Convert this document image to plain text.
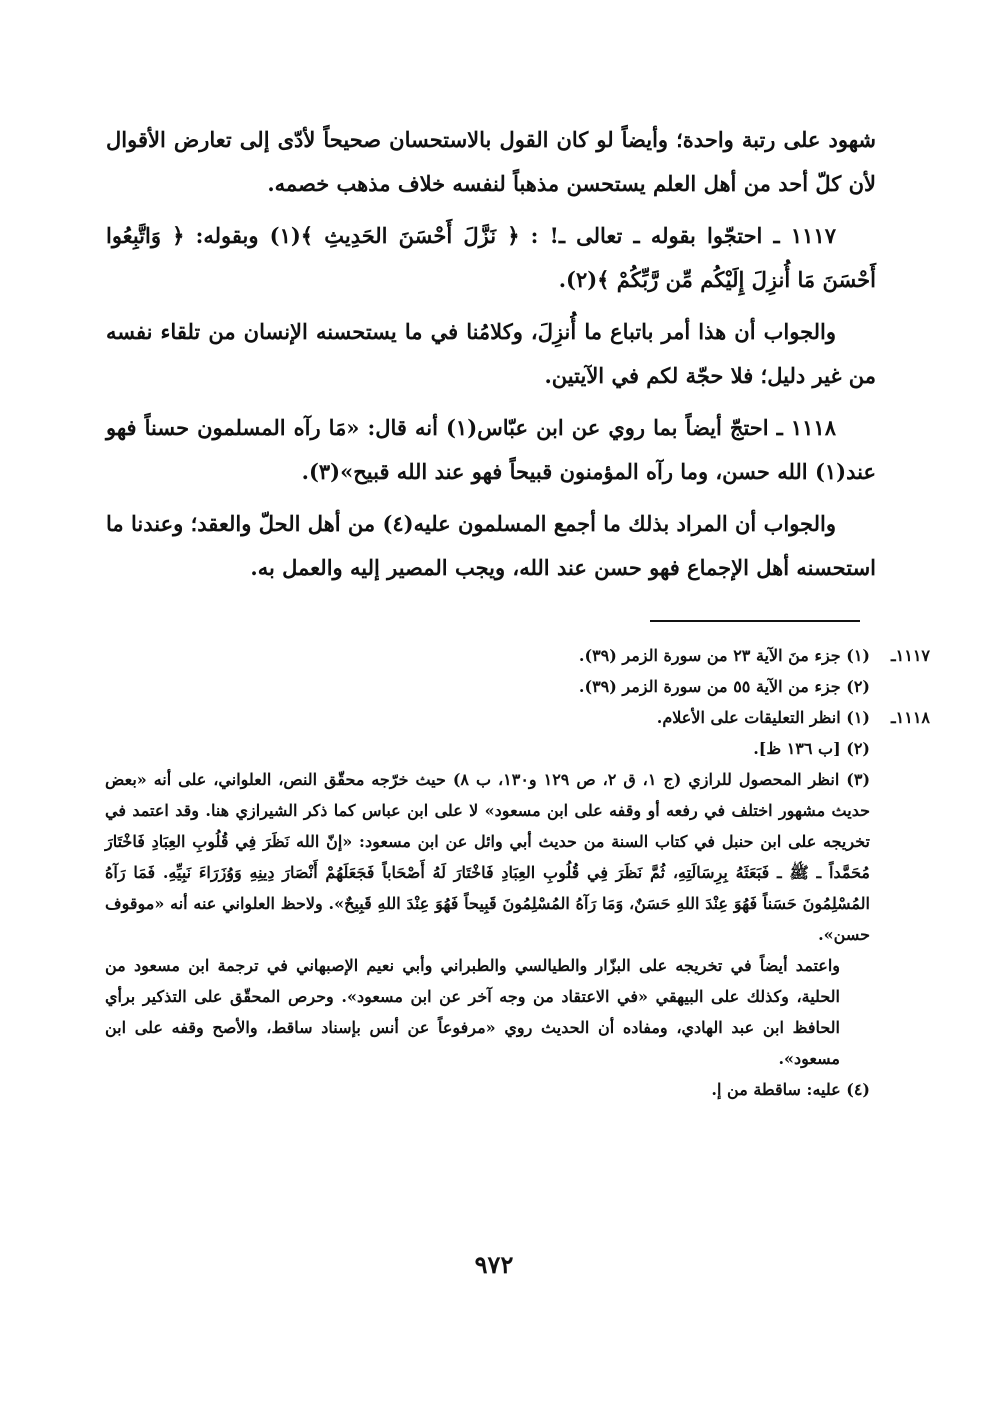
شهود على رتبة واحدة؛ وأيضاً لو كان القول بالاستحسان صحيحاً لأدّى إلى تعارض الأقوال لأن كلّ أحد من أهل العلم يستحسن مذهباً لنفسه خلاف مذهب خصمه.

١١١٧ ـ احتجّوا بقوله ـ تعالى ـ! : ﴿ نَزَّلَ أَحْسَنَ الحَدِيثِ ﴾(١) وبقوله: ﴿ وَاتَّبِعُوا أَحْسَنَ مَا أُنزِلَ إِلَيْكُم مِّن رَّبِّكُمْ ﴾(٢).

والجواب أن هذا أمر باتباع ما أُنزِلَ، وكلامُنا في ما يستحسنه الإنسان من تلقاء نفسه من غير دليل؛ فلا حجّة لكم في الآيتين.

١١١٨ ـ احتجّ أيضاً بما روي عن ابن عبّاس(١) أنه قال: «مَا رآه المسلمون حسناً فهو عند(١) الله حسن، وما رآه المؤمنون قبيحاً فهو عند الله قبيح»(٣).

والجواب أن المراد بذلك ما أجمع المسلمون عليه(٤) من أهل الحلّ والعقد؛ وعندنا ما استحسنه أهل الإجماع فهو حسن عند الله، ويجب المصير إليه والعمل به.

١١١٧ـ
(١) جزء منَ الآية ٢٣ من سورة الزمر (٣٩).
(٢) جزء من الآية ٥٥ من سورة الزمر (٣٩).
١١١٨ـ
(١) انظر التعليقات على الأعلام.
(٢) [ب ١٣٦ ظ].
(٣) انظر المحصول للرازي (ج ١، ق ٢، ص ١٢٩ و١٣٠، ب ٨) حيث خرّجه محقّق النص، العلواني، على أنه «بعض حديث مشهور اختلف في رفعه أو وقفه على ابن مسعود» لا على ابن عباس كما ذكر الشيرازي هنا. وقد اعتمد في تخريجه على ابن حنبل في كتاب السنة من حديث أبي وائل عن ابن مسعود: «إنّ الله نَظَرَ فِي قُلُوبِ العِبَادِ فَاخْتَارَ مُحَمَّداً ـ ﷺ ـ فَبَعَثَهُ بِرِسَالَتِهِ، ثُمَّ نَظَرَ فِي قُلُوبِ العِبَادِ فَاخْتَارَ لَهُ أَصْحَاباً فَجَعَلَهُمْ أَنْصَارَ دِينِهِ وَوُزَرَاءَ نَبِيِّهِ. فَمَا رَآهُ المُسْلِمُونَ حَسَناً فَهُوَ عِنْدَ اللهِ حَسَنٌ، وَمَا رَآهُ المُسْلِمُونَ قَبِيحاً فَهُوَ عِنْدَ اللهِ قَبِيحٌ». ولاحظ العلواني عنه أنه «موقوف حسن».
واعتمد أيضاً في تخريجه على البزّار والطيالسي والطبراني وأبي نعيم الإصبهاني في ترجمة ابن مسعود من الحلية، وكذلك على البيهقي «في الاعتقاد من وجه آخر عن ابن مسعود». وحرص المحقّق على التذكير برأي الحافظ ابن عبد الهادي، ومفاده أن الحديث روي «مرفوعاً عن أنس بإسناد ساقط، والأصح وقفه على ابن مسعود».
(٤) عليه: ساقطة من إ.
٩٧٢
